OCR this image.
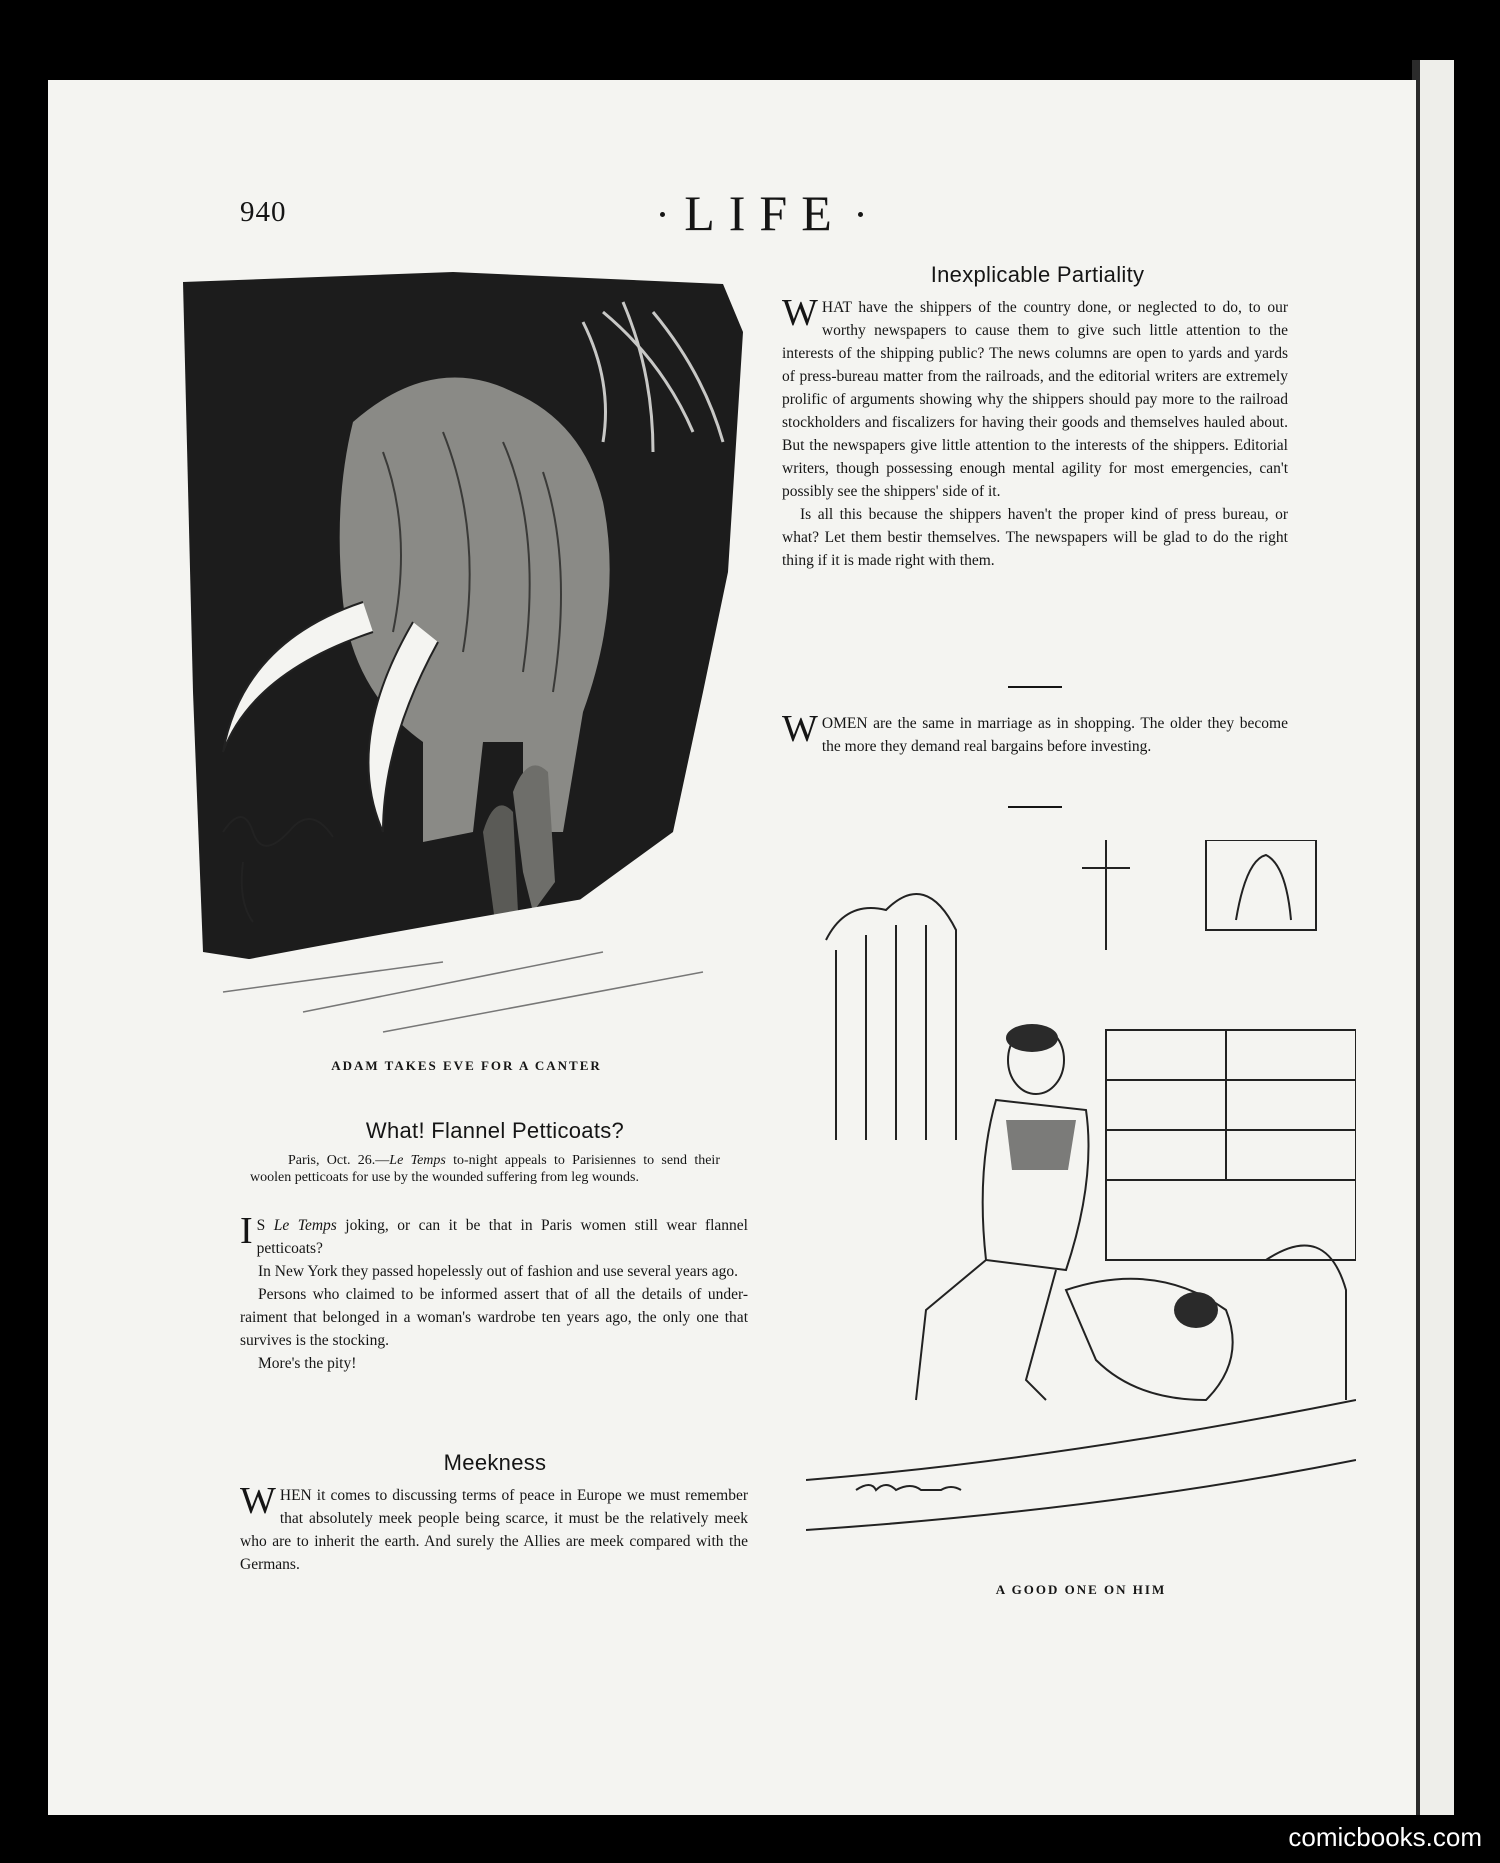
940	LIFE
ADAM TAKES EVE FOR A CANTER
Inexplicable Partiality

WHAT have the shippers of the country done, or neglected to do, to our worthy newspapers to cause them to give such little attention to the interests of the shipping public? The news columns are open to yards and yards of press-bureau matter from the railroads, and the editorial writers are extremely prolific of arguments showing why the shippers should pay more to the railroad stockholders and fiscalizers for having their goods and themselves hauled about. But the newspapers give little attention to the interests of the shippers. Editorial writers, though possessing enough mental agility for most emergencies, can't possibly see the shippers' side of it.

Is all this because the shippers haven't the proper kind of press bureau, or what? Let them bestir themselves. The newspapers will be glad to do the right thing if it is made right with them.

WOMEN are the same in marriage as in shopping. The older they become the more they demand real bargains before investing.

A GOOD ONE ON HIM
What! Flannel Petticoats?
Paris, Oct. 26.—Le Temps to-night appeals to Parisiennes to send their woolen petticoats for use by the wounded suffering from leg wounds.

I S Le Temps joking, or can it be that in Paris women still wear flannel petticoats?

In New York they passed hopelessly out of fashion and use several years ago.

Persons who claimed to be informed assert that of all the details of under-raiment that belonged in a woman's wardrobe ten years ago, the only one that survives is the stocking.

More's the pity!

Meekness

WHEN it comes to discussing terms of peace in Europe we must remember that absolutely meek people being scarce, it must be the relatively meek who are to inherit the earth. And surely the Allies are meek compared with the Germans.

comicbooks.com
